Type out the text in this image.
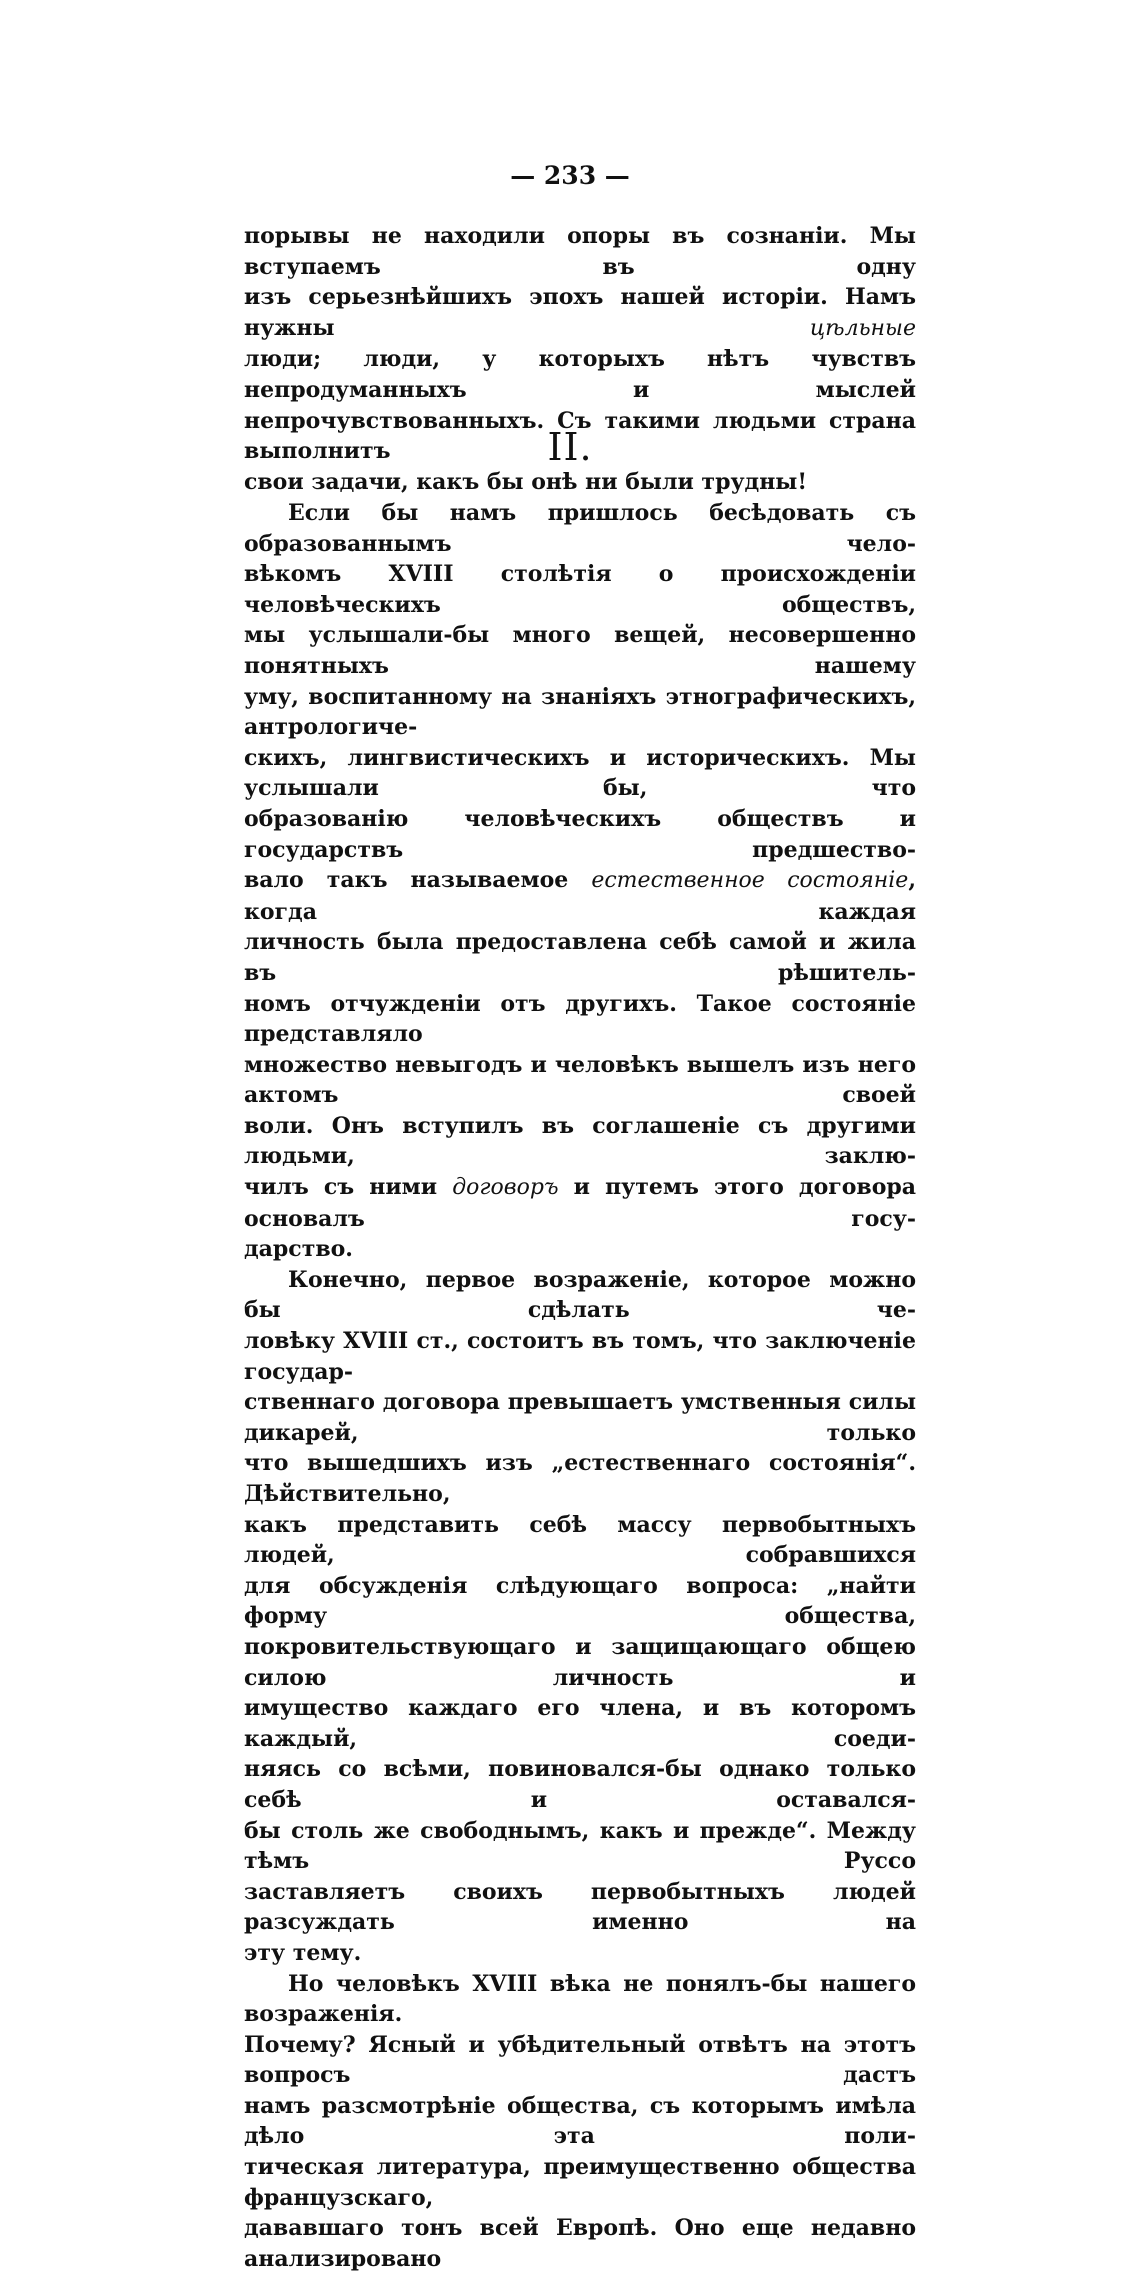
— 233 —

порывы не находили опоры въ сознаніи. Мы вступаемъ въ одну

изъ серьезнѣйшихъ эпохъ нашей исторіи. Намъ нужны цѣльные

люди; люди, у которыхъ нѣтъ чувствъ непродуманныхъ и мыслей

непрочувствованныхъ. Съ такими людьми страна выполнитъ

свои задачи, какъ бы онѣ ни были трудны!

II.

Если бы намъ пришлось бесѣдовать съ образованнымъ чело-

вѣкомъ XVIII столѣтія о происхожденіи человѣческихъ обществъ,

мы услышали-бы много вещей, несовершенно понятныхъ нашему

уму, воспитанному на знаніяхъ этнографическихъ, антрологиче-

скихъ, лингвистическихъ и историческихъ. Мы услышали бы, что

образованію человѣческихъ обществъ и государствъ предшество-

вало такъ называемое естественное состояніе, когда каждая

личность была предоставлена себѣ самой и жила въ рѣшитель-

номъ отчужденіи отъ другихъ. Такое состояніе представляло

множество невыгодъ и человѣкъ вышелъ изъ него актомъ своей

воли. Онъ вступилъ въ соглашеніе съ другими людьми, заклю-

чилъ съ ними договоръ и путемъ этого договора основалъ госу-

дарство.

Конечно, первое возраженіе, которое можно бы сдѣлать че-

ловѣку XVIII ст., состоитъ въ томъ, что заключеніе государ-

ственнаго договора превышаетъ умственныя силы дикарей, только

что вышедшихъ изъ „естественнаго состоянія“. Дѣйствительно,

какъ представить себѣ массу первобытныхъ людей, собравшихся

для обсужденія слѣдующаго вопроса: „найти форму общества,

покровительствующаго и защищающаго общею силою личность и

имущество каждаго его члена, и въ которомъ каждый, соеди-

няясь со всѣми, повиновался-бы однако только себѣ и оставался-

бы столь же свободнымъ, какъ и прежде“. Между тѣмъ Руссо

заставляетъ своихъ первобытныхъ людей разсуждать именно на

эту тему.

Но человѣкъ XVIII вѣка не понялъ-бы нашего возраженія.

Почему? Ясный и убѣдительный отвѣтъ на этотъ вопросъ дастъ

намъ разсмотрѣніе общества, съ которымъ имѣла дѣло эта поли-

тическая литература, преимущественно общества французскаго,

дававшаго тонъ всей Европѣ. Оно еще недавно анализировано
